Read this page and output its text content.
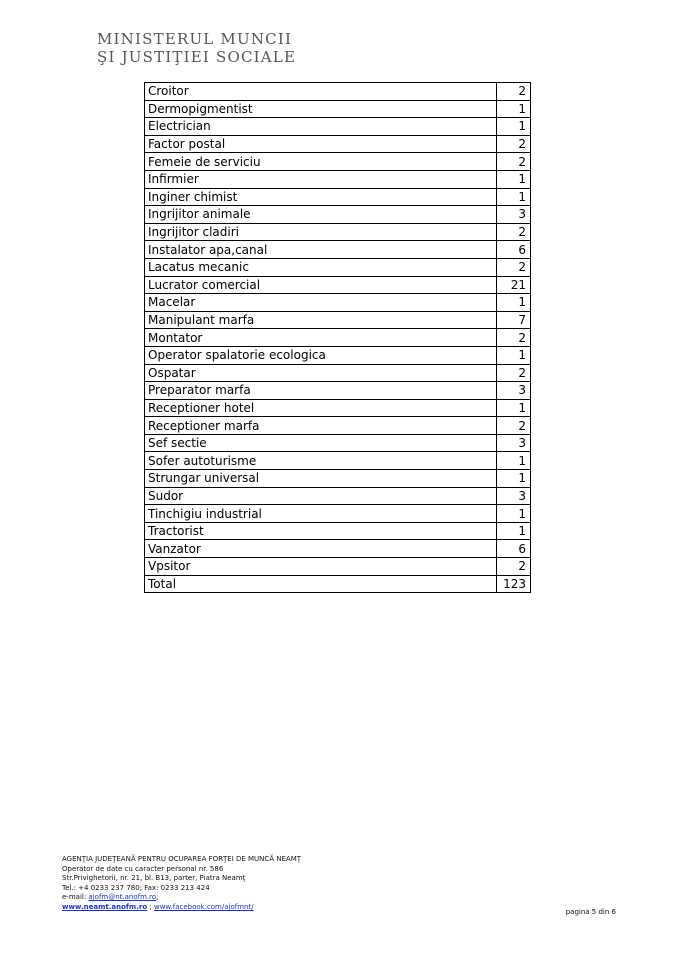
MINISTERUL MUNCII
ŞI JUSTIŢIEI SOCIALE
Croitor	2
Dermopigmentist	1
Electrician	1
Factor postal	2
Femeie de serviciu	2
Infirmier	1
Inginer chimist	1
Ingrijitor animale	3
Ingrijitor cladiri	2
Instalator apa,canal	6
Lacatus mecanic	2
Lucrator comercial	21
Macelar	1
Manipulant marfa	7
Montator	2
Operator spalatorie ecologica	1
Ospatar	2
Preparator marfa	3
Receptioner hotel	1
Receptioner marfa	2
Sef sectie	3
Sofer autoturisme	1
Strungar universal	1
Sudor	3
Tinchigiu industrial	1
Tractorist	1
Vanzator	6
Vpsitor	2
Total	123
AGENŢIA JUDEŢEANĂ PENTRU OCUPAREA FORŢEI DE MUNCĂ NEAMŢ
Operator de date cu caracter personal nr. 586
Str.Privighetorii, nr. 21, bl. B13, parter, Piatra Neamţ
Tel.: +4 0233 237 780; Fax: 0233 213 424
e-mail: ajofm@nt.anofm.ro;
www.neamt.anofm.ro ; www.facebook.com/ajofmnt/
pagina 5 din 6
